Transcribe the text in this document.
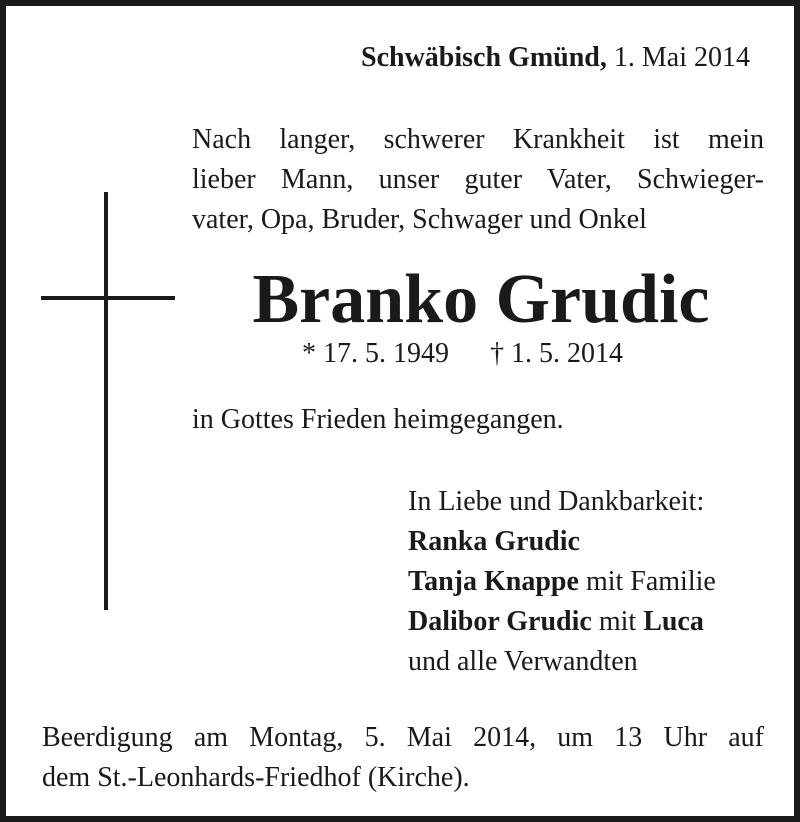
Schwäbisch Gmünd, 1. Mai 2014
Nach langer, schwerer Krankheit ist mein
lieber Mann, unser guter Vater, Schwieger-
vater, Opa, Bruder, Schwager und Onkel
Branko Grudic
* 17. 5. 1949 † 1. 5. 2014
in Gottes Frieden heimgegangen.
In Liebe und Dankbarkeit:
Ranka Grudic
Tanja Knappe mit Familie
Dalibor Grudic mit Luca
und alle Verwandten
Beerdigung am Montag, 5. Mai 2014, um 13 Uhr auf
dem St.-Leonhards-Friedhof (Kirche).
